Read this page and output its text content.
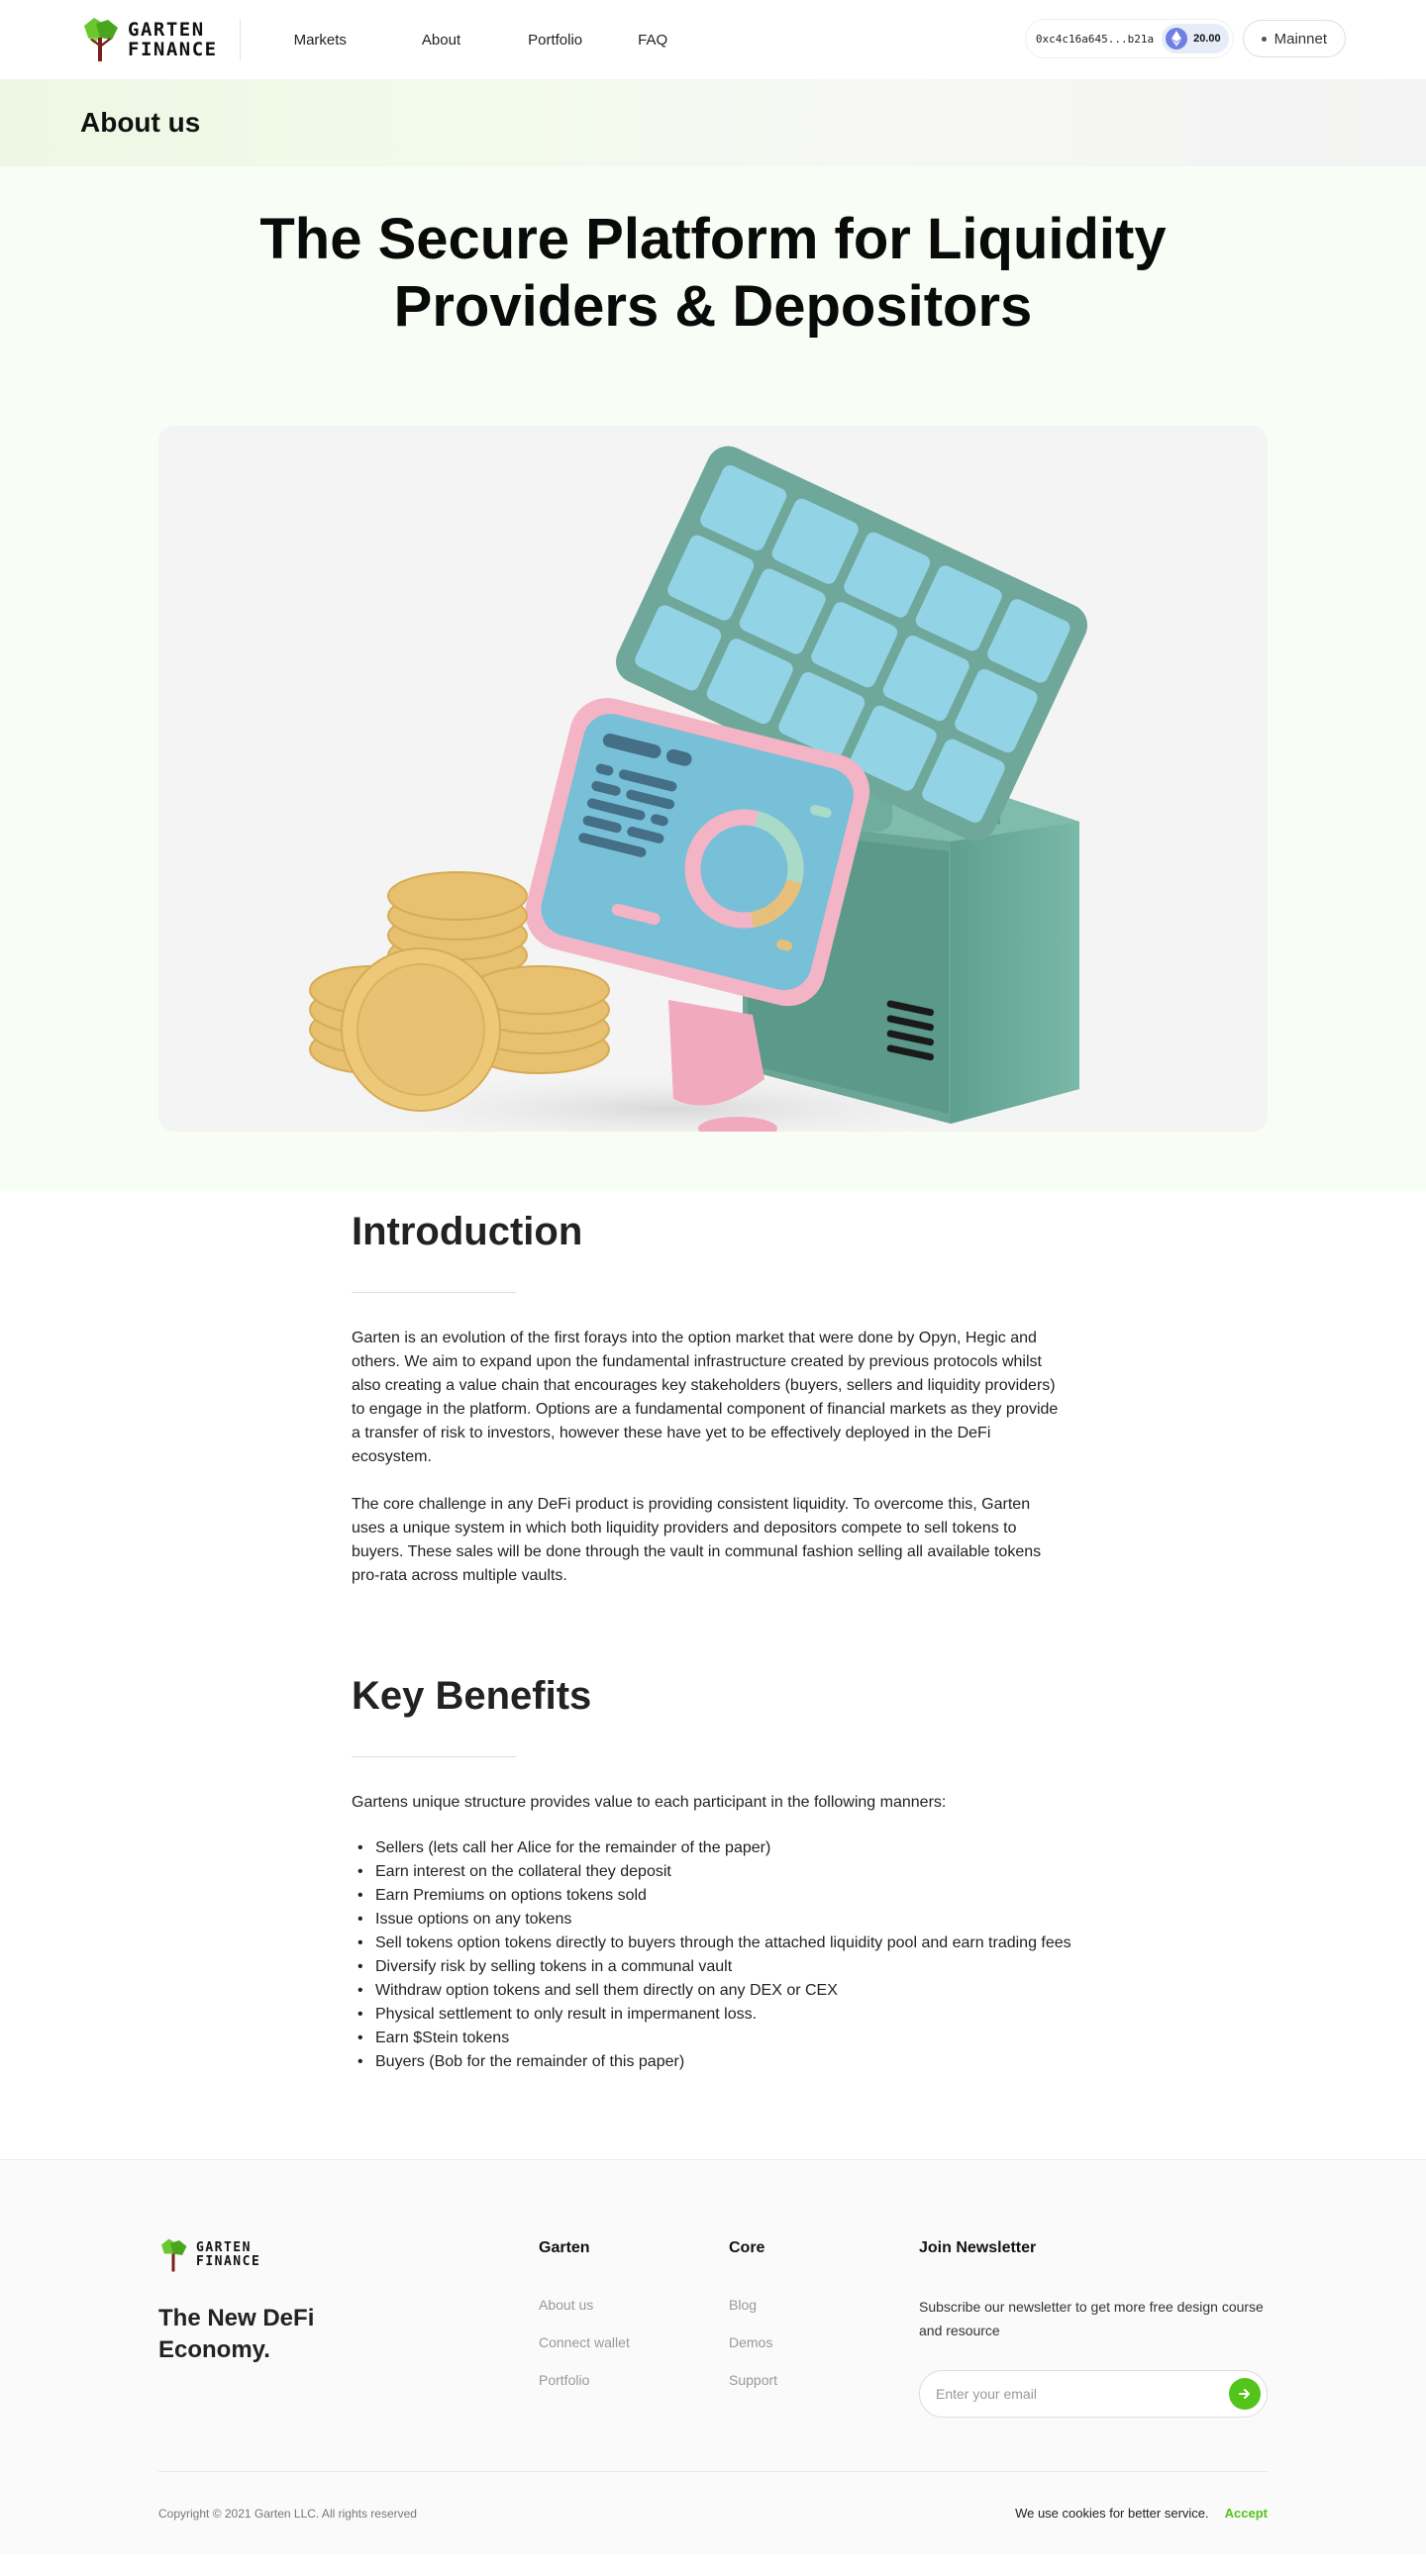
GARTEN
FINANCE	Markets	About	Portfolio	FAQ	0xc4c16a645...b21a	20.00	Mainnet
About us
The Secure Platform for Liquidity Providers & Depositors
Introduction

Garten is an evolution of the first forays into the option market that were done by Opyn, Hegic and others. We aim to expand upon the fundamental infrastructure created by previous protocols whilst also creating a value chain that encourages key stakeholders (buyers, sellers and liquidity providers) to engage in the platform. Options are a fundamental component of financial markets as they provide a transfer of risk to investors, however these have yet to be effectively deployed in the DeFi ecosystem.

The core challenge in any DeFi product is providing consistent liquidity. To overcome this, Garten uses a unique system in which both liquidity providers and depositors compete to sell tokens to buyers. These sales will be done through the vault in communal fashion selling all available tokens pro-rata across multiple vaults.

Key Benefits

Gartens unique structure provides value to each participant in the following manners:

• Sellers (lets call her Alice for the remainder of the paper)
• Earn interest on the collateral they deposit
• Earn Premiums on options tokens sold
• Issue options on any tokens
• Sell tokens option tokens directly to buyers through the attached liquidity pool and earn trading fees
• Diversify risk by selling tokens in a communal vault
• Withdraw option tokens and sell them directly on any DEX or CEX
• Physical settlement to only result in impermanent loss.
• Earn $Stein tokens
• Buyers (Bob for the remainder of this paper)
GARTEN
FINANCE
The New DeFi Economy.
Garten
About us
Connect wallet
Portfolio
Core
Blog
Demos
Support
Join Newsletter

Subscribe our newsletter to get more free design course and resource

Enter your email
Copyright © 2021 Garten LLC. All rights reserved	We use cookies for better service. Accept
